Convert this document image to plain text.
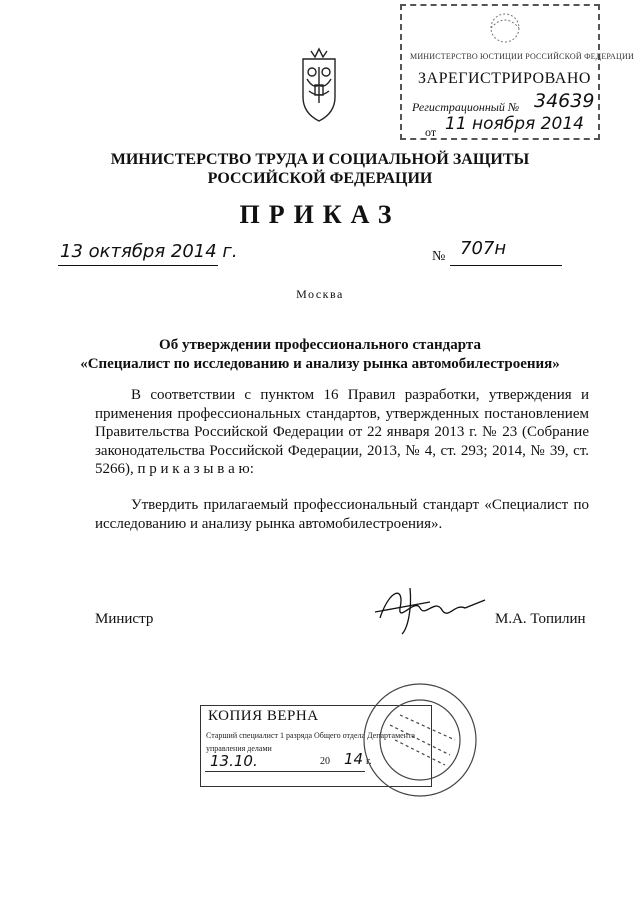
МИНИСТЕРСТВО ЮСТИЦИИ РОССИЙСКОЙ ФЕДЕРАЦИИ
ЗАРЕГИСТРИРОВАНО
Регистрационный № 34639
от 11 ноября 2014
МИНИСТЕРСТВО ТРУДА И СОЦИАЛЬНОЙ ЗАЩИТЫ
РОССИЙСКОЙ ФЕДЕРАЦИИ
ПРИКАЗ
13 октября 2014 г.	№ 707н
Москва
Об утверждении профессионального стандарта
«Специалист по исследованию и анализу рынка автомобилестроения»
В соответствии с пунктом 16 Правил разработки, утверждения и применения профессиональных стандартов, утвержденных постановлением Правительства Российской Федерации от 22 января 2013 г. № 23 (Собрание законодательства Российской Федерации, 2013, № 4, ст. 293; 2014, № 39, ст. 5266), п р и к а з ы в а ю:
Утвердить прилагаемый профессиональный стандарт «Специалист по исследованию и анализу рынка автомобилестроения».
Министр	М.А. Топилин
КОПИЯ ВЕРНА
Старший специалист 1 разряда Общего отдела Департамента
управления делами
13.10.	20 14 г.
